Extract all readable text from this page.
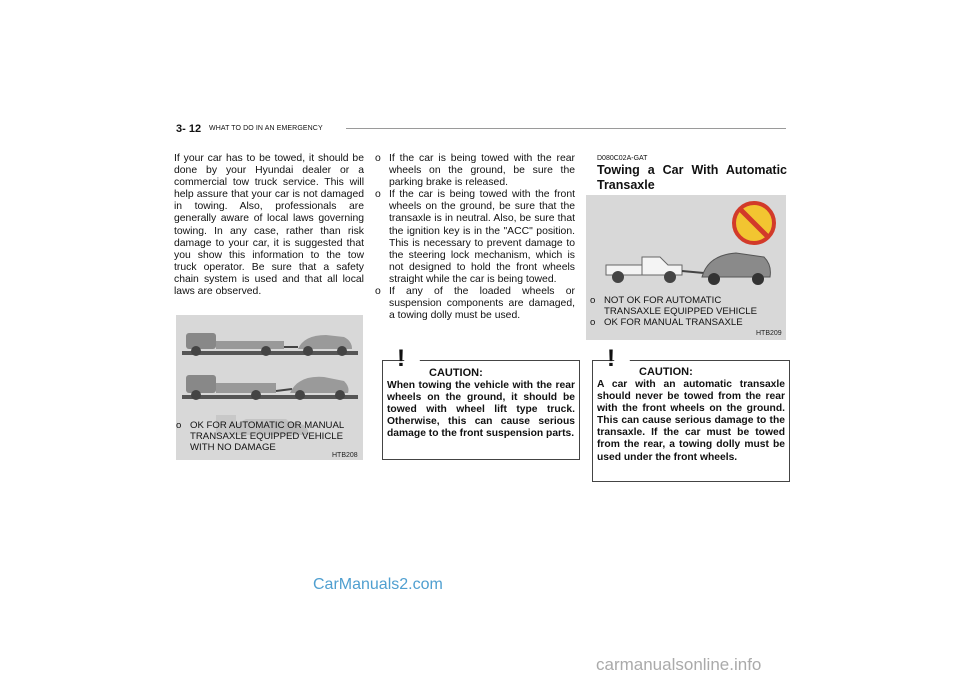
3- 12 WHAT TO DO IN AN EMERGENCY
If your car has to be towed, it should be done by your Hyundai dealer or a commercial tow truck service. This will help assure that your car is not damaged in towing. Also, professionals are generally aware of local laws governing towing. In any case, rather than risk damage to your car, it is suggested that you show this information to the tow truck operator. Be sure that a safety chain system is used and that all local laws are observed.
o OK FOR AUTOMATIC OR MANUAL TRANSAXLE EQUIPPED VEHICLE WITH NO DAMAGE
HTB208
o If the car is being towed with the rear wheels on the ground, be sure the parking brake is released.
o If the car is being towed with the front wheels on the ground, be sure that the transaxle is in neutral. Also, be sure that the ignition key is in the "ACC" position. This is necessary to prevent damage to the steering lock mechanism, which is not designed to hold the front wheels straight while the car is being towed.
o If any of the loaded wheels or suspension components are damaged, a towing dolly must be used.
!
CAUTION:
When towing the vehicle with the rear wheels on the ground, it should be towed with wheel lift type truck. Otherwise, this can cause serious damage to the front suspension parts.
D080C02A-GAT
Towing a Car With Automatic Transaxle
o NOT OK FOR AUTOMATIC TRANSAXLE EQUIPPED VEHICLE
o OK FOR MANUAL TRANSAXLE
HTB209
! CAUTION:
A car with an automatic transaxle should never be towed from the rear with the front wheels on the ground. This can cause serious damage to the transaxle. If the car must be towed from the rear, a towing dolly must be used under the front wheels.
CarManuals2.com
carmanualsonline.info
